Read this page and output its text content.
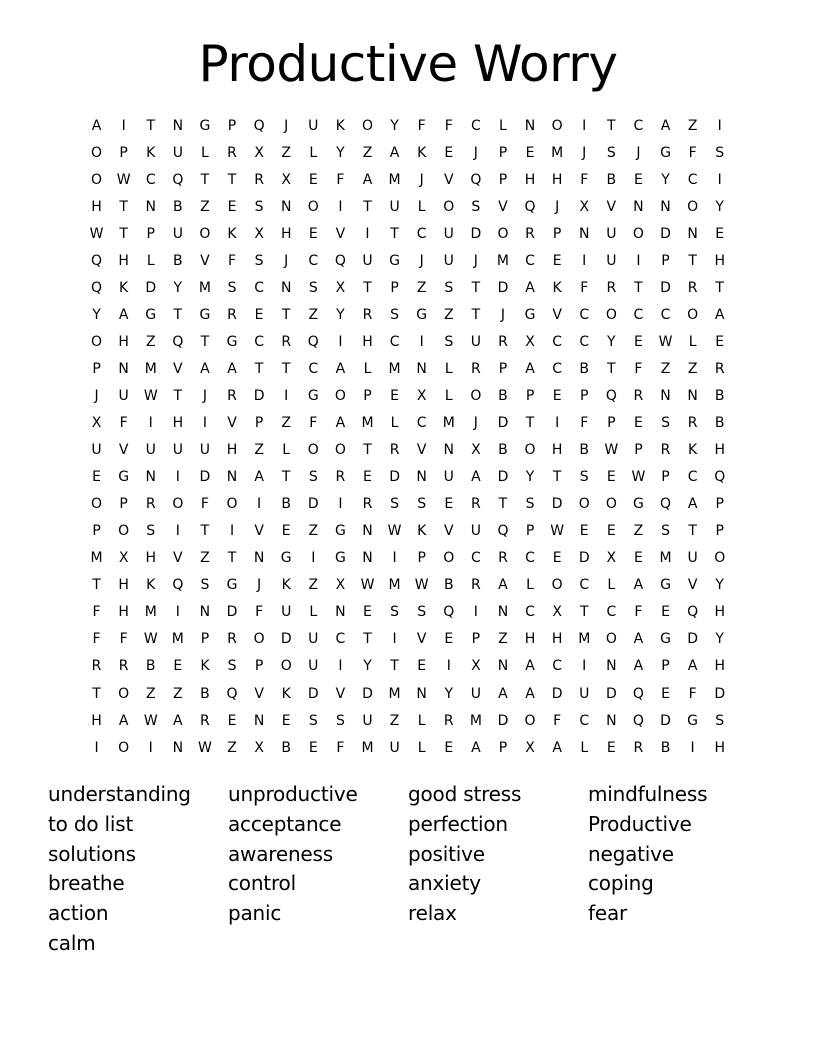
Productive Worry
A	I	T	N	G	P	Q	J	U	K	O	Y	F	F	C	L	N	O	I	T	C	A	Z	I
O	P	K	U	L	R	X	Z	L	Y	Z	A	K	E	J	P	E	M	J	S	J	G	F	S
O	W	C	Q	T	T	R	X	E	F	A	M	J	V	Q	P	H	H	F	B	E	Y	C	I
H	T	N	B	Z	E	S	N	O	I	T	U	L	O	S	V	Q	J	X	V	N	N	O	Y
W	T	P	U	O	K	X	H	E	V	I	T	C	U	D	O	R	P	N	U	O	D	N	E
Q	H	L	B	V	F	S	J	C	Q	U	G	J	U	J	M	C	E	I	U	I	P	T	H
Q	K	D	Y	M	S	C	N	S	X	T	P	Z	S	T	D	A	K	F	R	T	D	R	T
Y	A	G	T	G	R	E	T	Z	Y	R	S	G	Z	T	J	G	V	C	O	C	C	O	A
O	H	Z	Q	T	G	C	R	Q	I	H	C	I	S	U	R	X	C	C	Y	E	W	L	E
P	N	M	V	A	A	T	T	C	A	L	M	N	L	R	P	A	C	B	T	F	Z	Z	R
J	U	W	T	J	R	D	I	G	O	P	E	X	L	O	B	P	E	P	Q	R	N	N	B
X	F	I	H	I	V	P	Z	F	A	M	L	C	M	J	D	T	I	F	P	E	S	R	B
U	V	U	U	U	H	Z	L	O	O	T	R	V	N	X	B	O	H	B	W	P	R	K	H
E	G	N	I	D	N	A	T	S	R	E	D	N	U	A	D	Y	T	S	E	W	P	C	Q
O	P	R	O	F	O	I	B	D	I	R	S	S	E	R	T	S	D	O	O	G	Q	A	P
P	O	S	I	T	I	V	E	Z	G	N	W	K	V	U	Q	P	W	E	E	Z	S	T	P
M	X	H	V	Z	T	N	G	I	G	N	I	P	O	C	R	C	E	D	X	E	M	U	O
T	H	K	Q	S	G	J	K	Z	X	W	M	W	B	R	A	L	O	C	L	A	G	V	Y
F	H	M	I	N	D	F	U	L	N	E	S	S	Q	I	N	C	X	T	C	F	E	Q	H
F	F	W	M	P	R	O	D	U	C	T	I	V	E	P	Z	H	H	M	O	A	G	D	Y
R	R	B	E	K	S	P	O	U	I	Y	T	E	I	X	N	A	C	I	N	A	P	A	H
T	O	Z	Z	B	Q	V	K	D	V	D	M	N	Y	U	A	A	D	U	D	Q	E	F	D
H	A	W	A	R	E	N	E	S	S	U	Z	L	R	M	D	O	F	C	N	Q	D	G	S
I	O	I	N	W	Z	X	B	E	F	M	U	L	E	A	P	X	A	L	E	R	B	I	H
understanding
to do list
solutions
breathe
action
calm
unproductive
acceptance
awareness
control
panic
good stress
perfection
positive
anxiety
relax
mindfulness
Productive
negative
coping
fear
